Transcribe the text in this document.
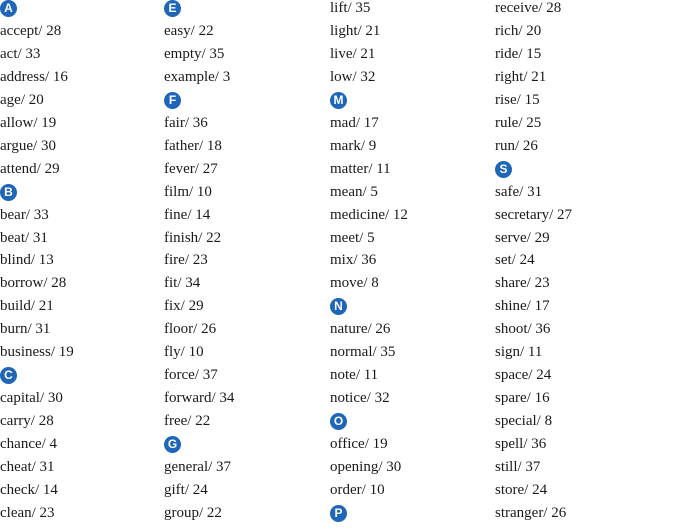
A
accept/ 28
act/ 33
address/ 16
age/ 20
allow/ 19
argue/ 30
attend/ 29
B
bear/ 33
beat/ 31
blind/ 13
borrow/ 28
build/ 21
burn/ 31
business/ 19
C
capital/ 30
carry/ 28
chance/ 4
cheat/ 31
check/ 14
clean/ 23
E
easy/ 22
empty/ 35
example/ 3
F
fair/ 36
father/ 18
fever/ 27
film/ 10
fine/ 14
finish/ 22
fire/ 23
fit/ 34
fix/ 29
floor/ 26
fly/ 10
force/ 37
forward/ 34
free/ 22
G
general/ 37
gift/ 24
group/ 22
lift/ 35
light/ 21
live/ 21
low/ 32
M
mad/ 17
mark/ 9
matter/ 11
mean/ 5
medicine/ 12
meet/ 5
mix/ 36
move/ 8
N
nature/ 26
normal/ 35
note/ 11
notice/ 32
O
office/ 19
opening/ 30
order/ 10
P
receive/ 28
rich/ 20
ride/ 15
right/ 21
rise/ 15
rule/ 25
run/ 26
S
safe/ 31
secretary/ 27
serve/ 29
set/ 24
share/ 23
shine/ 17
shoot/ 36
sign/ 11
space/ 24
spare/ 16
special/ 8
spell/ 36
still/ 37
store/ 24
stranger/ 26
